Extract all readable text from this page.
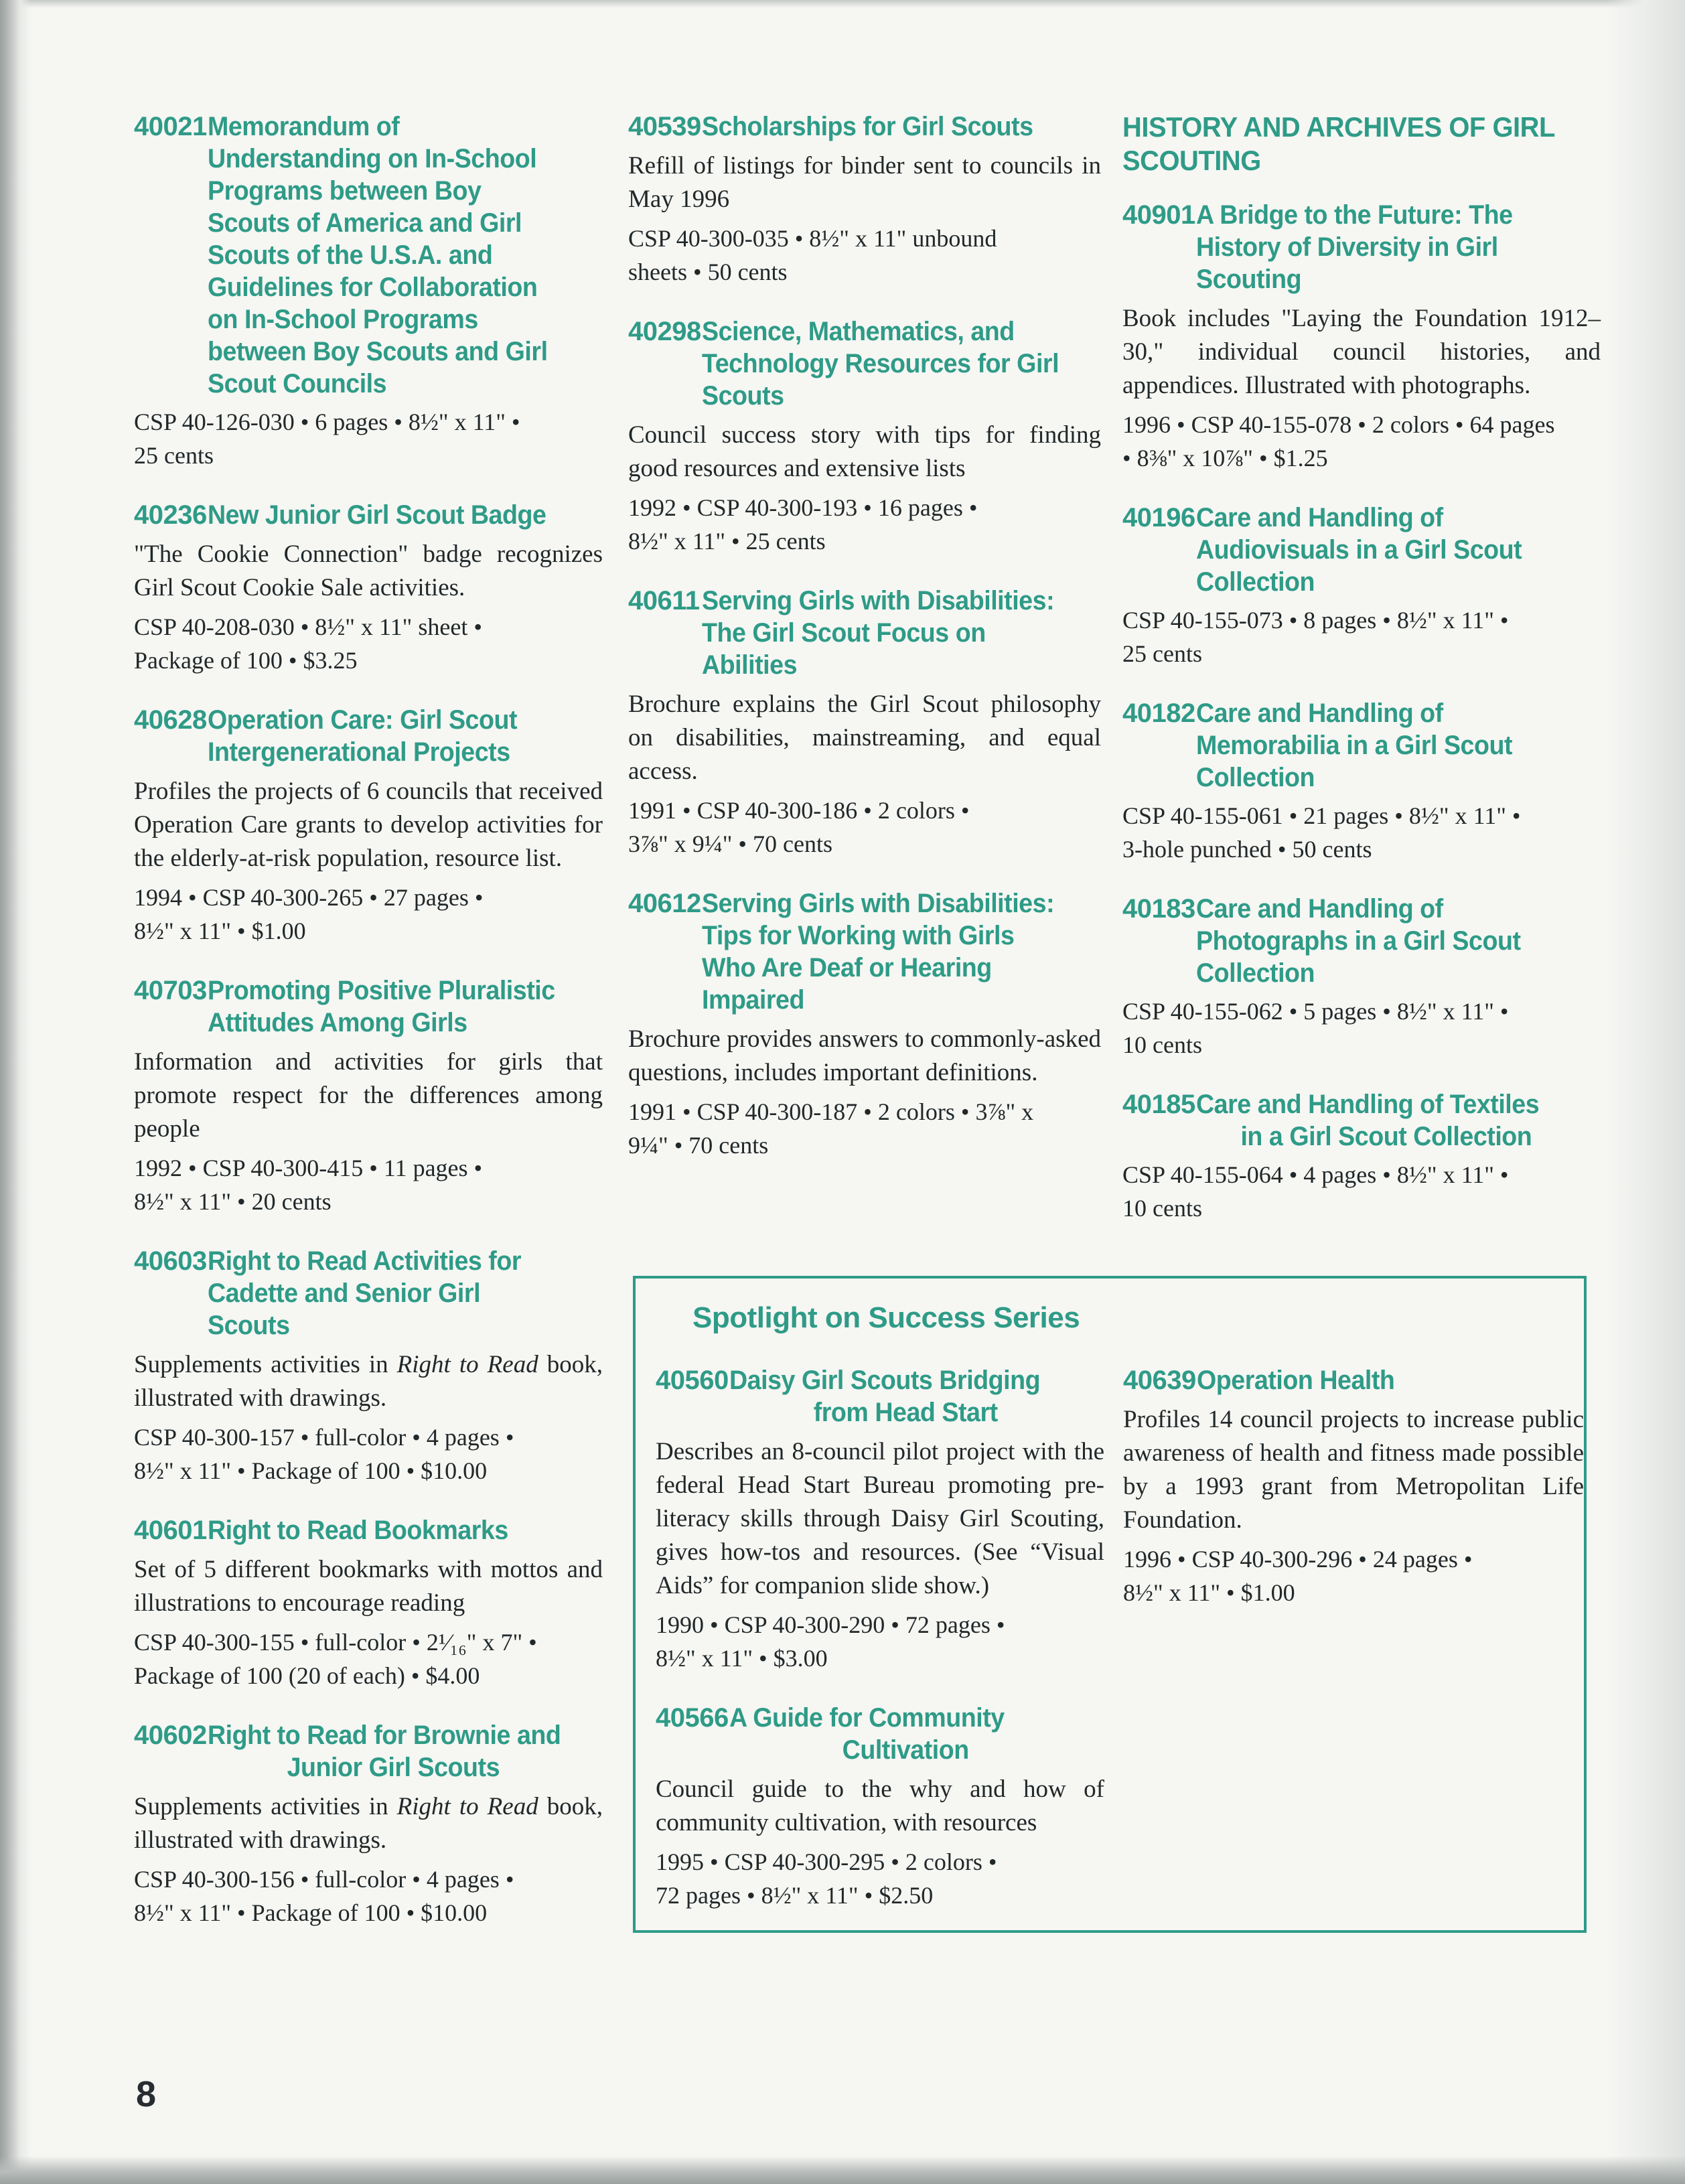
40021 Memorandum of
Understanding on In-School
Programs between Boy
Scouts of America and Girl
Scouts of the U.S.A. and
Guidelines for Collaboration
on In-School Programs
between Boy Scouts and Girl
Scout Councils

CSP 40-126-030 • 6 pages • 8½" x 11" •
25 cents

40236 New Junior Girl Scout Badge

"The Cookie Connection" badge recognizes Girl Scout Cookie Sale activities.

CSP 40-208-030 • 8½" x 11" sheet •
Package of 100 • $3.25

40628 Operation Care: Girl Scout
Intergenerational Projects

Profiles the projects of 6 councils that received Operation Care grants to develop activities for the elderly-at-risk population, resource list.

1994 • CSP 40-300-265 • 27 pages •
8½" x 11" • $1.00

40703 Promoting Positive Pluralistic
Attitudes Among Girls

Information and activities for girls that promote respect for the differences among people

1992 • CSP 40-300-415 • 11 pages •
8½" x 11" • 20 cents

40603 Right to Read Activities for
Cadette and Senior Girl
Scouts

Supplements activities in Right to Read book, illustrated with drawings.

CSP 40-300-157 • full-color • 4 pages •
8½" x 11" • Package of 100 • $10.00

40601 Right to Read Bookmarks

Set of 5 different bookmarks with mottos and illustrations to encourage reading

CSP 40-300-155 • full-color • 2¹⁄₁₆" x 7" •
Package of 100 (20 of each) • $4.00

40602 Right to Read for Brownie and
Junior Girl Scouts

Supplements activities in Right to Read book, illustrated with drawings.

CSP 40-300-156 • full-color • 4 pages •
8½" x 11" • Package of 100 • $10.00

40539 Scholarships for Girl Scouts

Refill of listings for binder sent to councils in May 1996

CSP 40-300-035 • 8½" x 11" unbound
sheets • 50 cents

40298 Science, Mathematics, and
Technology Resources for Girl
Scouts

Council success story with tips for finding good resources and extensive lists

1992 • CSP 40-300-193 • 16 pages •
8½" x 11" • 25 cents

40611 Serving Girls with Disabilities:
The Girl Scout Focus on
Abilities

Brochure explains the Girl Scout philosophy on disabilities, mainstreaming, and equal access.

1991 • CSP 40-300-186 • 2 colors •
3⅞" x 9¼" • 70 cents

40612 Serving Girls with Disabilities:
Tips for Working with Girls
Who Are Deaf or Hearing
Impaired

Brochure provides answers to commonly-asked questions, includes important definitions.

1991 • CSP 40-300-187 • 2 colors • 3⅞" x
9¼" • 70 cents

HISTORY AND ARCHIVES OF GIRL
SCOUTING
40901 A Bridge to the Future: The
History of Diversity in Girl
Scouting

Book includes "Laying the Foundation 1912–30," individual council histories, and appendices. Illustrated with photographs.

1996 • CSP 40-155-078 • 2 colors • 64 pages
• 8⅜" x 10⅞" • $1.25

40196 Care and Handling of
Audiovisuals in a Girl Scout
Collection

CSP 40-155-073 • 8 pages • 8½" x 11" •
25 cents

40182 Care and Handling of
Memorabilia in a Girl Scout
Collection

CSP 40-155-061 • 21 pages • 8½" x 11" •
3-hole punched • 50 cents

40183 Care and Handling of
Photographs in a Girl Scout
Collection

CSP 40-155-062 • 5 pages • 8½" x 11" •
10 cents

40185 Care and Handling of Textiles
in a Girl Scout Collection

CSP 40-155-064 • 4 pages • 8½" x 11" •
10 cents

Spotlight on Success Series
40560 Daisy Girl Scouts Bridging
from Head Start

Describes an 8-council pilot project with the federal Head Start Bureau promoting pre-literacy skills through Daisy Girl Scouting, gives how-tos and resources. (See “Visual Aids” for companion slide show.)

1990 • CSP 40-300-290 • 72 pages •
8½" x 11" • $3.00

40566 A Guide for Community
Cultivation

Council guide to the why and how of community cultivation, with resources

1995 • CSP 40-300-295 • 2 colors •
72 pages • 8½" x 11" • $2.50

40639 Operation Health

Profiles 14 council projects to increase public awareness of health and fitness made possible by a 1993 grant from Metropolitan Life Foundation.

1996 • CSP 40-300-296 • 24 pages •
8½" x 11" • $1.00

8
